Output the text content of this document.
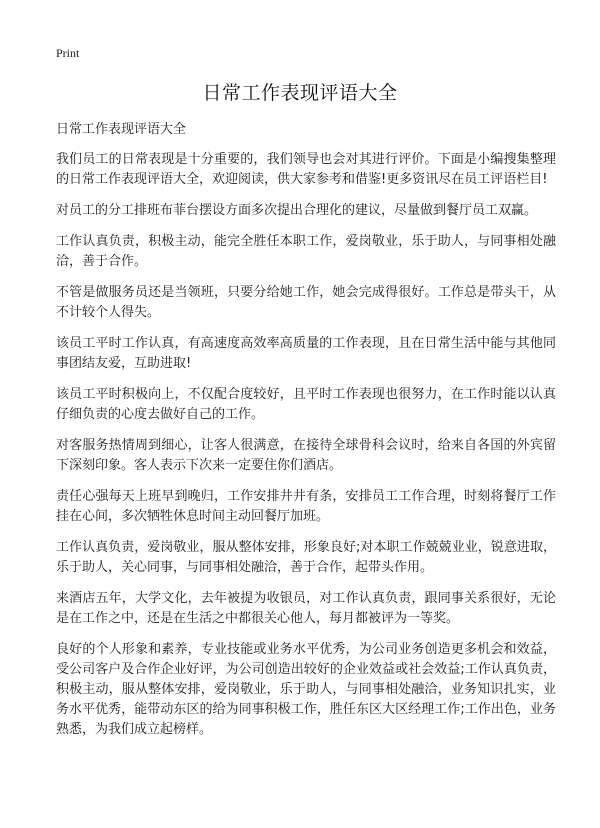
Print
日常工作表现评语大全

日常工作表现评语大全

我们员工的日常表现是十分重要的，我们领导也会对其进行评价。下面是小编搜集整理的日常工作表现评语大全，欢迎阅读，供大家参考和借鉴!更多资讯尽在员工评语栏目!

对员工的分工排班布菲台摆设方面多次提出合理化的建议，尽量做到餐厅员工双赢。

工作认真负责，积极主动，能完全胜任本职工作，爱岗敬业，乐于助人，与同事相处融洽，善于合作。

不管是做服务员还是当领班，只要分给她工作，她会完成得很好。工作总是带头干，从不计较个人得失。

该员工平时工作认真，有高速度高效率高质量的工作表现，且在日常生活中能与其他同事团结友爱，互助进取!

该员工平时积极向上，不仅配合度较好，且平时工作表现也很努力，在工作时能以认真仔细负责的心度去做好自己的工作。

对客服务热情周到细心，让客人很满意，在接待全球骨科会议时，给来自各国的外宾留下深刻印象。客人表示下次来一定要住你们酒店。

责任心强每天上班早到晚归，工作安排井井有条，安排员工工作合理，时刻将餐厅工作挂在心间，多次牺牲休息时间主动回餐厅加班。

工作认真负责，爱岗敬业，服从整体安排，形象良好;对本职工作兢兢业业，锐意进取，乐于助人，关心同事，与同事相处融洽，善于合作，起带头作用。

来酒店五年，大学文化，去年被提为收银员，对工作认真负责，跟同事关系很好，无论是在工作之中，还是在生活之中都很关心他人，每月都被评为一等奖。

良好的个人形象和素养，专业技能或业务水平优秀，为公司业务创造更多机会和效益，受公司客户及合作企业好评，为公司创造出较好的企业效益或社会效益;工作认真负责，积极主动，服从整体安排，爱岗敬业，乐于助人，与同事相处融洽，业务知识扎实，业务水平优秀，能带动东区的给为同事积极工作，胜任东区大区经理工作;工作出色，业务熟悉，为我们成立起榜样。
